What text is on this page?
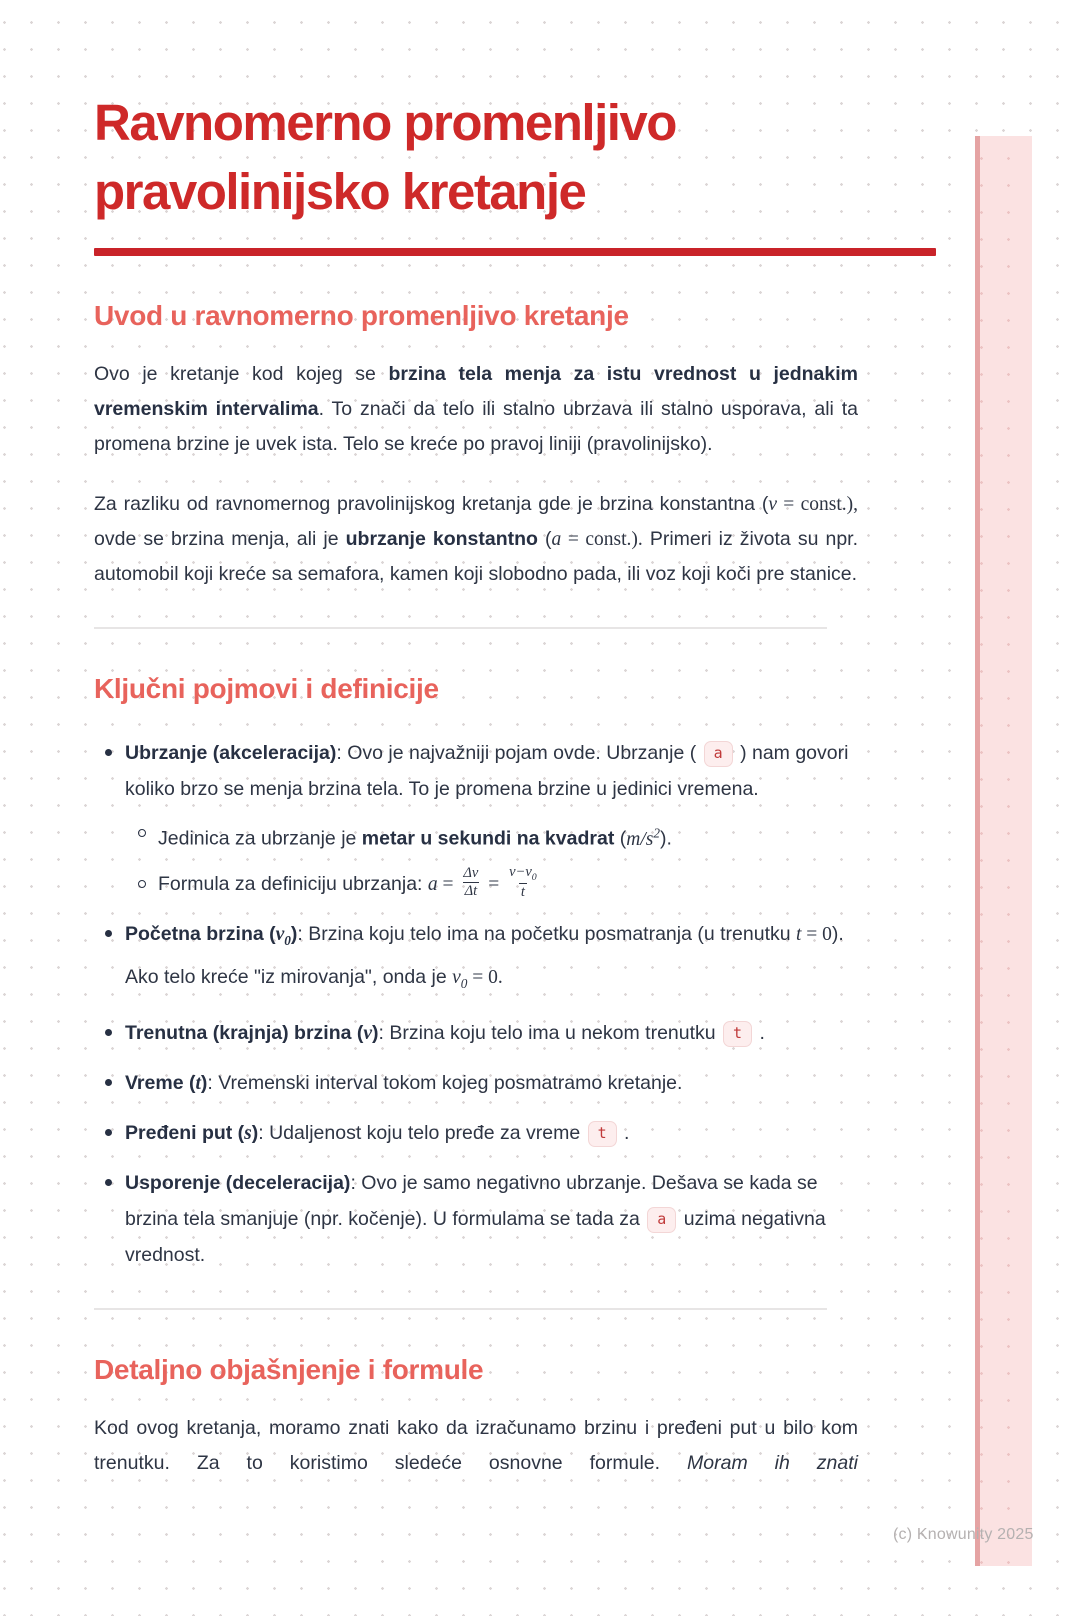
Ravnomerno promenljivo
pravolinijsko kretanje
Uvod u ravnomerno promenljivo kretanje

Ovo je kretanje kod kojeg se brzina tela menja za istu vrednost u jednakim vremenskim intervalima. To znači da telo ili stalno ubrzava ili stalno usporava, ali ta promena brzine je uvek ista. Telo se kreće po pravoj liniji (pravolinijsko).

Za razliku od ravnomernog pravolinijskog kretanja gde je brzina konstantna (v = const.), ovde se brzina menja, ali je ubrzanje konstantno (a = const.). Primeri iz života su npr. automobil koji kreće sa semafora, kamen koji slobodno pada, ili voz koji koči pre stanice.

Ključni pojmovi i definicije
Ubrzanje (akceleracija): Ovo je najvažniji pojam ovde. Ubrzanje ( a ) nam govori koliko brzo se menja brzina tela. To je promena brzine u jedinici vremena.
Jedinica za ubrzanje je metar u sekundi na kvadrat $(m/s^2)$.
Formula za definiciju ubrzanja: $a = \frac{\Delta v}{\Delta t} = \frac{v-v_0}{t}$
Početna brzina $(v_0)$: Brzina koju telo ima na početku posmatranja (u trenutku t = 0). Ako telo kreće "iz mirovanja", onda je $v_0 = 0$.
Trenutna (krajnja) brzina (v): Brzina koju telo ima u nekom trenutku t .
Vreme (t): Vremenski interval tokom kojeg posmatramo kretanje.
Pređeni put (s): Udaljenost koju telo pređe za vreme t .
Usporenje (deceleracija): Ovo je samo negativno ubrzanje. Dešava se kada se brzina tela smanjuje (npr. kočenje). U formulama se tada za a uzima negativna vrednost.
Detaljno objašnjenje i formule

Kod ovog kretanja, moramo znati kako da izračunamo brzinu i pređeni put u bilo kom trenutku. Za to koristimo sledeće osnovne formule. Moram ih znati

(c) Knowunity 2025
